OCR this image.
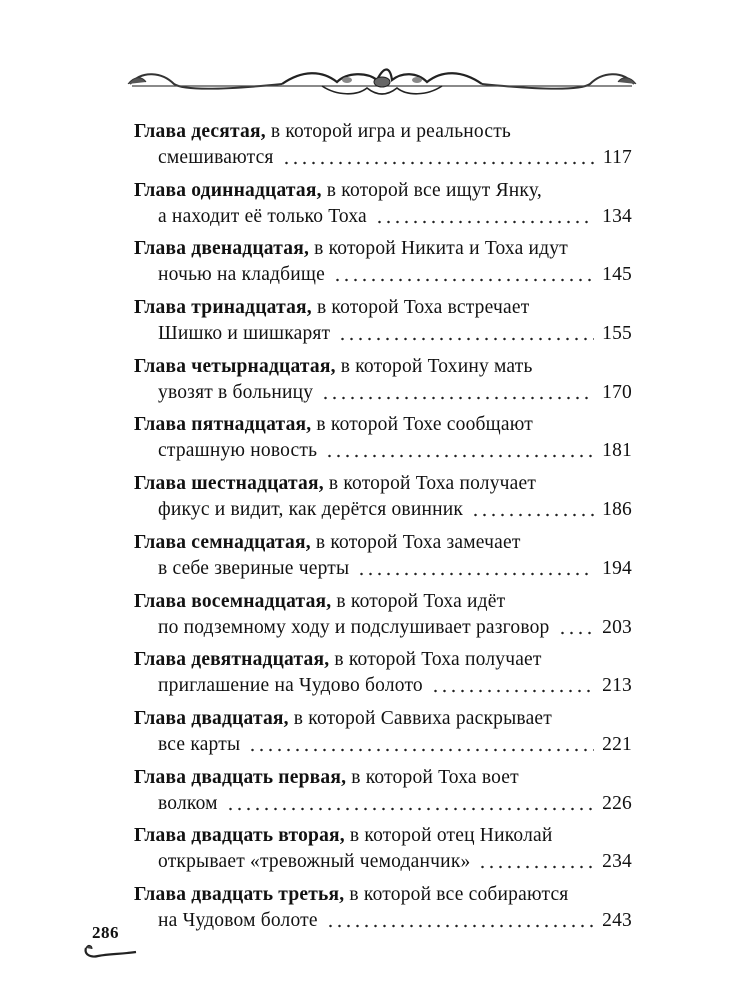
Глава десятая, в которой игра и реальность
смешиваются	117
Глава одиннадцатая, в которой все ищут Янку,
а находит её только Тоха	134
Глава двенадцатая, в которой Никита и Тоха идут
ночью на кладбище	145
Глава тринадцатая, в которой Тоха встречает
Шишко и шишкарят	155
Глава четырнадцатая, в которой Тохину мать
увозят в больницу	170
Глава пятнадцатая, в которой Тохе сообщают
страшную новость	181
Глава шестнадцатая, в которой Тоха получает
фикус и видит, как дерётся овинник	186
Глава семнадцатая, в которой Тоха замечает
в себе звериные черты	194
Глава восемнадцатая, в которой Тоха идёт
по подземному ходу и подслушивает разговор	203
Глава девятнадцатая, в которой Тоха получает
приглашение на Чудово болото	213
Глава двадцатая, в которой Саввиха раскрывает
все карты	221
Глава двадцать первая, в которой Тоха воет
волком	226
Глава двадцать вторая, в которой отец Николай
открывает «тревожный чемоданчик»	234
Глава двадцать третья, в которой все собираются
на Чудовом болоте	243
286
